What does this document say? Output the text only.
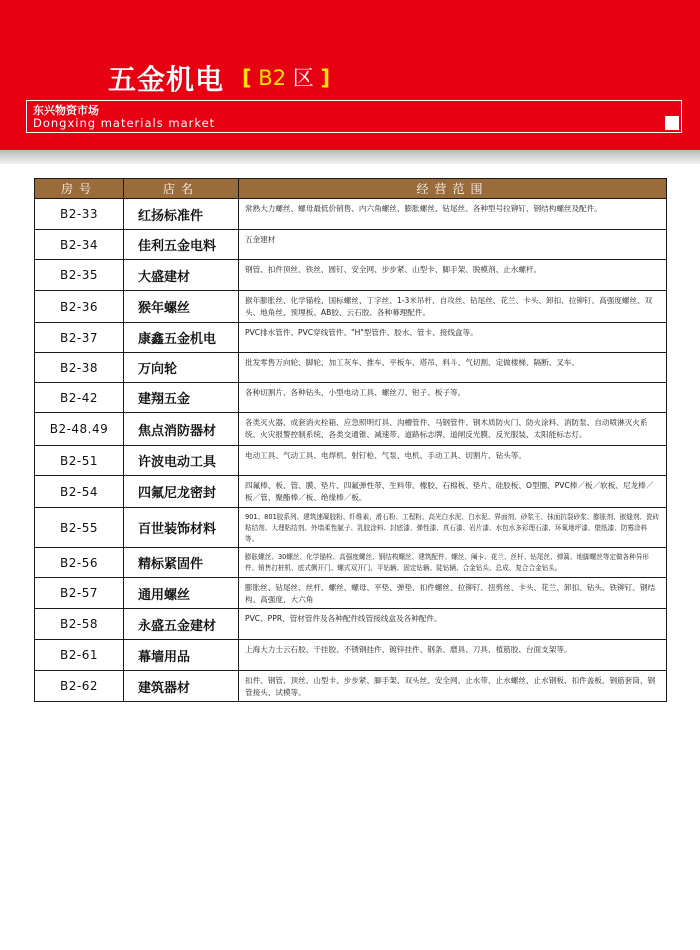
五金机电 [ B2 区 ]
东兴物资市场
Dongxing materials market
房号	店名	经营范围
B2-33	红扬标准件	常熟大力螺丝、螺母最低价销售、内六角螺丝、膨胀螺丝、钻尾丝、各种型号拉铆钉、钢结构螺丝及配件。
B2-34	佳利五金电料	五金建材
B2-35	大盛建材	钢管、扣件顶丝、铁丝、圆钉、安全网、步步紧、山型卡、脚手架、脱模剂、止水螺杆。
B2-36	猴年螺丝	猴年膨胀丝、化学锚栓、国标螺丝、丁字丝、1-3米吊杆、自攻丝、钻尾丝、花兰、卡头、卸扣、拉铆钉、高强度螺丝、双头、地角丝、预埋板、AB胶、云石胶、各种幕理配件。
B2-37	康鑫五金机电	PVC排水管件、PVC穿线管件、"H"型管件、胶水、管卡、接线盒等。
B2-38	万向轮	批发零售万向轮、脚轮、加工灰车、推车、平板车、塔吊、料斗、气切割、定做楼梯、隔断、叉车。
B2-42	建翔五金	各种切割片、各种钻头、小型电动工具、螺丝刀、钳子、板子等。
B2-48.49	焦点消防器材	各类灭火器、成套消火栓箱、应急照明灯具、沟槽管件、马钢管件、钢木质防火门、防火涂料、消防泵、自动喷淋灭火系统、火灾报警控制系统、各类交通锥、减速带、道路标志牌、道闸反光膜、反光服装、太阳能标志灯。
B2-51	许波电动工具	电动工具、气动工具、电焊机、射钉枪、气泵、电机、手动工具、切割片、钻头等。
B2-54	四氟尼龙密封	四氟棒、板、管、膜、垫片、四氟弹性带、生料带、橡胶、石棉板、垫片、硅胶板、O型圈、PVC棒／板／软板、尼龙棒／板／管、聚酯棒／板、绝缘棒／板。
B2-55	百世装饰材料	901、801胶系列、建筑速凝胶粉、纤维素、滑石粉、工程粉、高光白水泥、白水泥、界面剂、砂浆王、抹面抗裂砂浆、膨胀剂、嵌缝剂、瓷砖粘结剂、大理粘结剂、外墙柔性腻子、乳胶涂料、封底漆、弹性漆、真石漆、岩片漆、水包水多彩理石漆、环氧地坪漆、壁纸漆、防霉涂料等。
B2-56	精标紧固件	膨胀螺丝、30螺丝、化学锚栓、高强度螺丝、钢结构螺丝、建筑配件、螺丝、阉卡、花兰、丝杆、钻尾丝、弹簧、地脚螺丝等定做各种异形件、销售打桩机、底式侧开门、螺式双开门、平钻辆、固定钻辆、陡钻辆、合金钻头、总成、复合合金钻头。
B2-57	通用螺丝	膨胀丝、钻尾丝、丝杆、螺丝、螺母、平垫、弹垫、扣件螺丝、拉铆钉、扭剪丝、卡头、花兰、卸扣、钻头、铁铆钉、钢结构、高强度、大六角
B2-58	永盛五金建材	PVC、PPR、管材管件及各种配件线管接线盒及各种配件。
B2-61	幕墙用品	上海大力士云石胶、干挂胶、不锈钢挂件、镀锌挂件、钢条、磨具、刀具、植筋胶、台面支架等。
B2-62	建筑器材	扣件、钢管、顶丝、山型卡、步步紧、脚手架、双头丝、安全网、止水带、止水螺丝、止水钢板、扣件盖板、钢筋套筒、钢管接头、试模等。
